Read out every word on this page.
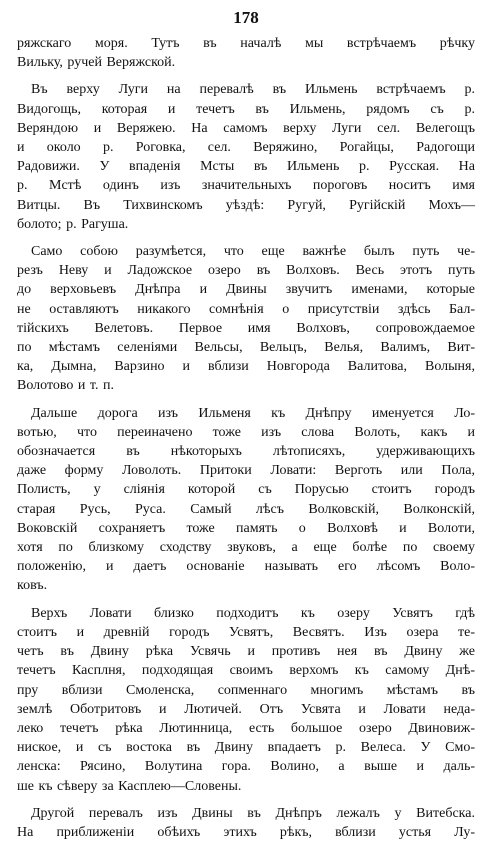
178
ряжскаго моря. Тутъ въ началѣ мы встрѣчаемъ рѣчку
Вильку, ручей Веряжской.
Въ верху Луги на перевалѣ въ Ильмень встрѣчаемъ р.
Видогощь, которая и течетъ въ Ильмень, рядомъ съ р.
Веряндою и Веряжею. На самомъ верху Луги сел. Велегощъ
и около р. Роговка, сел. Веряжино, Рогайцы, Радогощи
Радовижи. У впаденія Мсты въ Ильмень р. Русская. На
р. Мстѣ одинъ изъ значительныхъ пороговъ носитъ имя
Витцы. Въ Тихвинскомъ уѣздѣ: Ругуй, Ругійскій Мохъ—
болото; р. Рагуша.
Само собою разумѣется, что еще важнѣе былъ путь че-
резъ Неву и Ладожское озеро въ Волховъ. Весь этотъ путь
до верховьевъ Днѣпра и Двины звучитъ именами, которые
не оставляютъ никакого сомнѣнія о присутствіи здѣсь Бал-
тійскихъ Велетовъ. Первое имя Волховъ, сопровождаемое
по мѣстамъ селеніями Вельсы, Вельцъ, Велья, Валимъ, Вит-
ка, Дымна, Варзино и вблизи Новгорода Валитова, Волыня,
Волотово и т. п.
Дальше дорога изъ Ильменя къ Днѣпру именуется Ло-
вотью, что переиначено тоже изъ слова Волоть, какъ и
обозначается въ нѣкоторыхъ лѣтописяхъ, удерживающихъ
даже форму Ловолоть. Притоки Ловати: Верготь или Пола,
Полисть, у слiянія которой съ Порусью стоитъ городъ
старая Русь, Руса. Самый лѣсъ Волковскій, Волконскій,
Воковскій сохраняетъ тоже память о Волховѣ и Волоти,
хотя по близкому сходству звуковъ, а еще болѣе по своему
положенію, и даетъ основаніе называть его лѣсомъ Воло-
ковъ.
Верхъ Ловати близко подходитъ къ озеру Усвятъ гдѣ
стоитъ и древній городъ Усвятъ, Весвятъ. Изъ озера те-
четъ въ Двину рѣка Усвячь и противъ нея въ Двину же
течетъ Касплня, подходящая своимъ верхомъ къ самому Днѣ-
пру вблизи Смоленска, сопменнаго многимъ мѣстамъ въ
землѣ Оботритовъ и Лютичей. Отъ Усвята и Ловати неда-
леко течетъ рѣка Лютинница, есть большое озеро Двиновиж-
ниское, и съ востока въ Двину впадаетъ р. Велеса. У Смо-
ленска: Рясино, Волутина гора. Волино, а выше и даль-
ше къ сѣверу за Касплею—Словены.
Другой перевалъ изъ Двины въ Днѣпръ лежалъ у Витебска.
На приближеніи обѣихъ этихъ рѣкъ, вблизи устья Лу-
